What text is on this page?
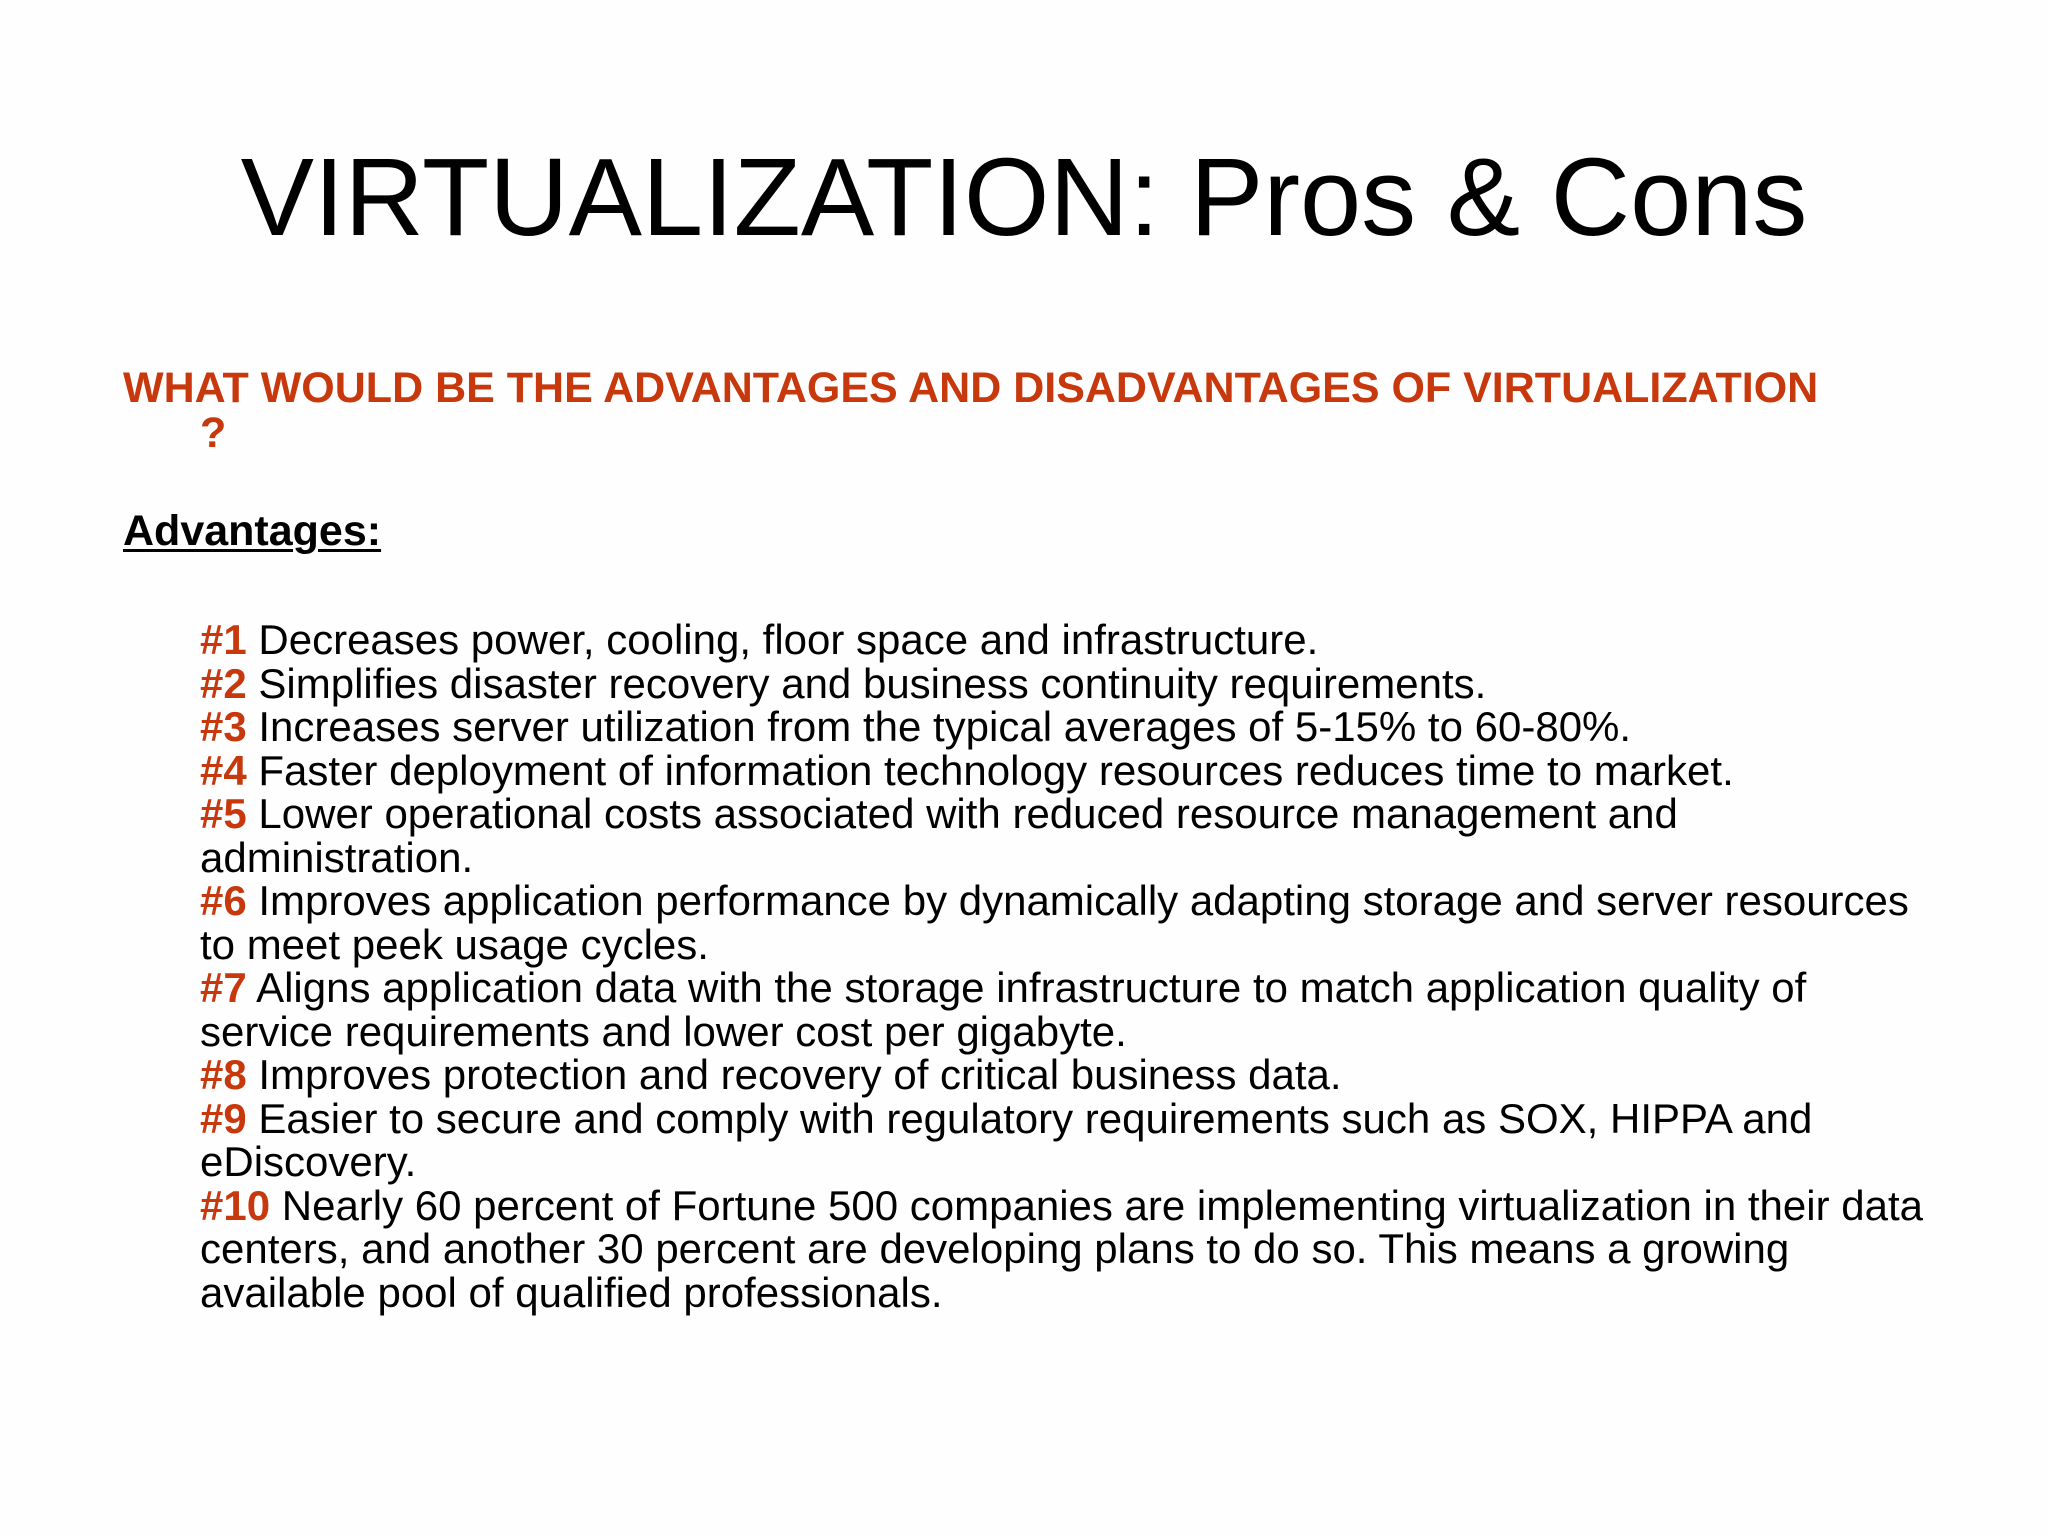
VIRTUALIZATION: Pros & Cons

WHAT WOULD BE THE ADVANTAGES AND DISADVANTAGES OF VIRTUALIZATION ?

Advantages:

#1 Decreases power, cooling, floor space and infrastructure.
#2 Simplifies disaster recovery and business continuity requirements.
#3 Increases server utilization from the typical averages of 5-15% to 60-80%.
#4 Faster deployment of information technology resources reduces time to market.
#5 Lower operational costs associated with reduced resource management and administration.
#6 Improves application performance by dynamically adapting storage and server resources to meet peek usage cycles.
#7 Aligns application data with the storage infrastructure to match application quality of service requirements and lower cost per gigabyte.
#8 Improves protection and recovery of critical business data.
#9 Easier to secure and comply with regulatory requirements such as SOX, HIPPA and eDiscovery.
#10 Nearly 60 percent of Fortune 500 companies are implementing virtualization in their data centers, and another 30 percent are developing plans to do so. This means a growing available pool of qualified professionals.
